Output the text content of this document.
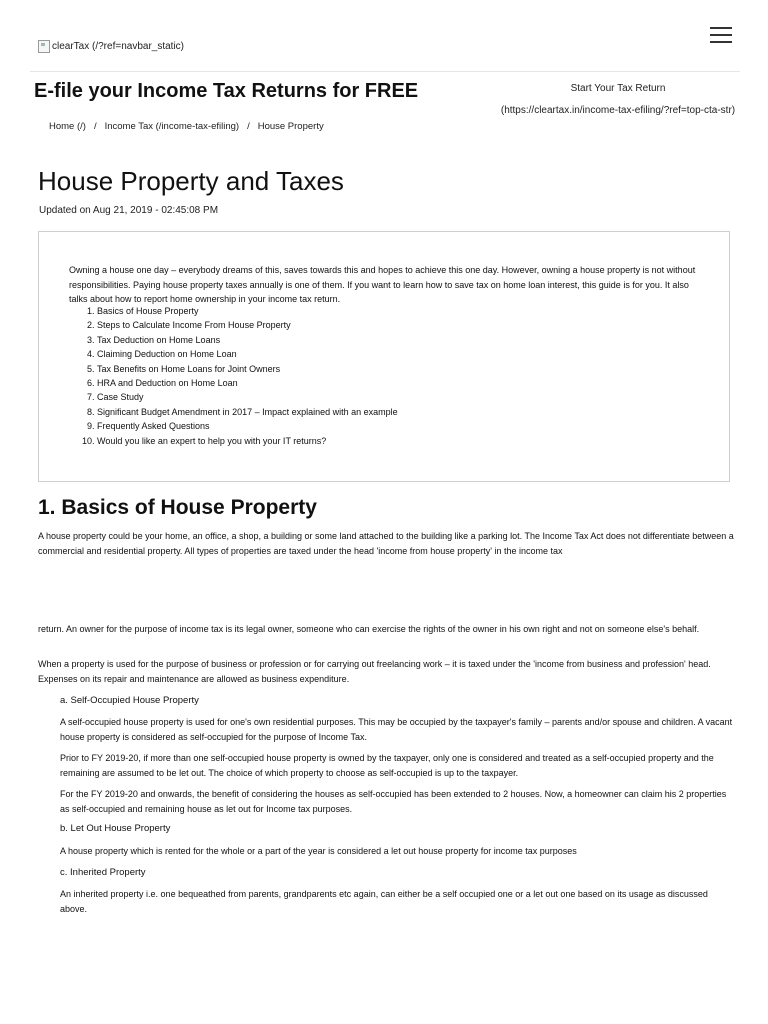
clearTax (/?ref=navbar_static)
E-file your Income Tax Returns for FREE	Start Your Tax Return
(https://cleartax.in/income-tax-efiling/?ref=top-cta-str)
Home (/) / Income Tax (/income-tax-efiling) / House Property
House Property and Taxes
Updated on Aug 21, 2019 - 02:45:08 PM
Owning a house one day – everybody dreams of this, saves towards this and hopes to achieve this one day. However, owning a house property is not without responsibilities. Paying house property taxes annually is one of them. If you want to learn how to save tax on home loan interest, this guide is for you. It also talks about how to report home ownership in your income tax return.
1. Basics of House Property
2. Steps to Calculate Income From House Property
3. Tax Deduction on Home Loans
4. Claiming Deduction on Home Loan
5. Tax Benefits on Home Loans for Joint Owners
6. HRA and Deduction on Home Loan
7. Case Study
8. Significant Budget Amendment in 2017 – Impact explained with an example
9. Frequently Asked Questions
10. Would you like an expert to help you with your IT returns?
1. Basics of House Property

A house property could be your home, an office, a shop, a building or some land attached to the building like a parking lot. The Income Tax Act does not differentiate between a commercial and residential property. All types of properties are taxed under the head 'income from house property' in the income tax

return. An owner for the purpose of income tax is its legal owner, someone who can exercise the rights of the owner in his own right and not on someone else's behalf.

When a property is used for the purpose of business or profession or for carrying out freelancing work – it is taxed under the 'income from business and profession' head. Expenses on its repair and maintenance are allowed as business expenditure.

a. Self-Occupied House Property

A self-occupied house property is used for one's own residential purposes. This may be occupied by the taxpayer's family – parents and/or spouse and children. A vacant house property is considered as self-occupied for the purpose of Income Tax.

Prior to FY 2019-20, if more than one self-occupied house property is owned by the taxpayer, only one is considered and treated as a self-occupied property and the remaining are assumed to be let out. The choice of which property to choose as self-occupied is up to the taxpayer.

For the FY 2019-20 and onwards, the benefit of considering the houses as self-occupied has been extended to 2 houses. Now, a homeowner can claim his 2 properties as self-occupied and remaining house as let out for Income tax purposes.

b. Let Out House Property

A house property which is rented for the whole or a part of the year is considered a let out house property for income tax purposes

c. Inherited Property

An inherited property i.e. one bequeathed from parents, grandparents etc again, can either be a self occupied one or a let out one based on its usage as discussed above.
